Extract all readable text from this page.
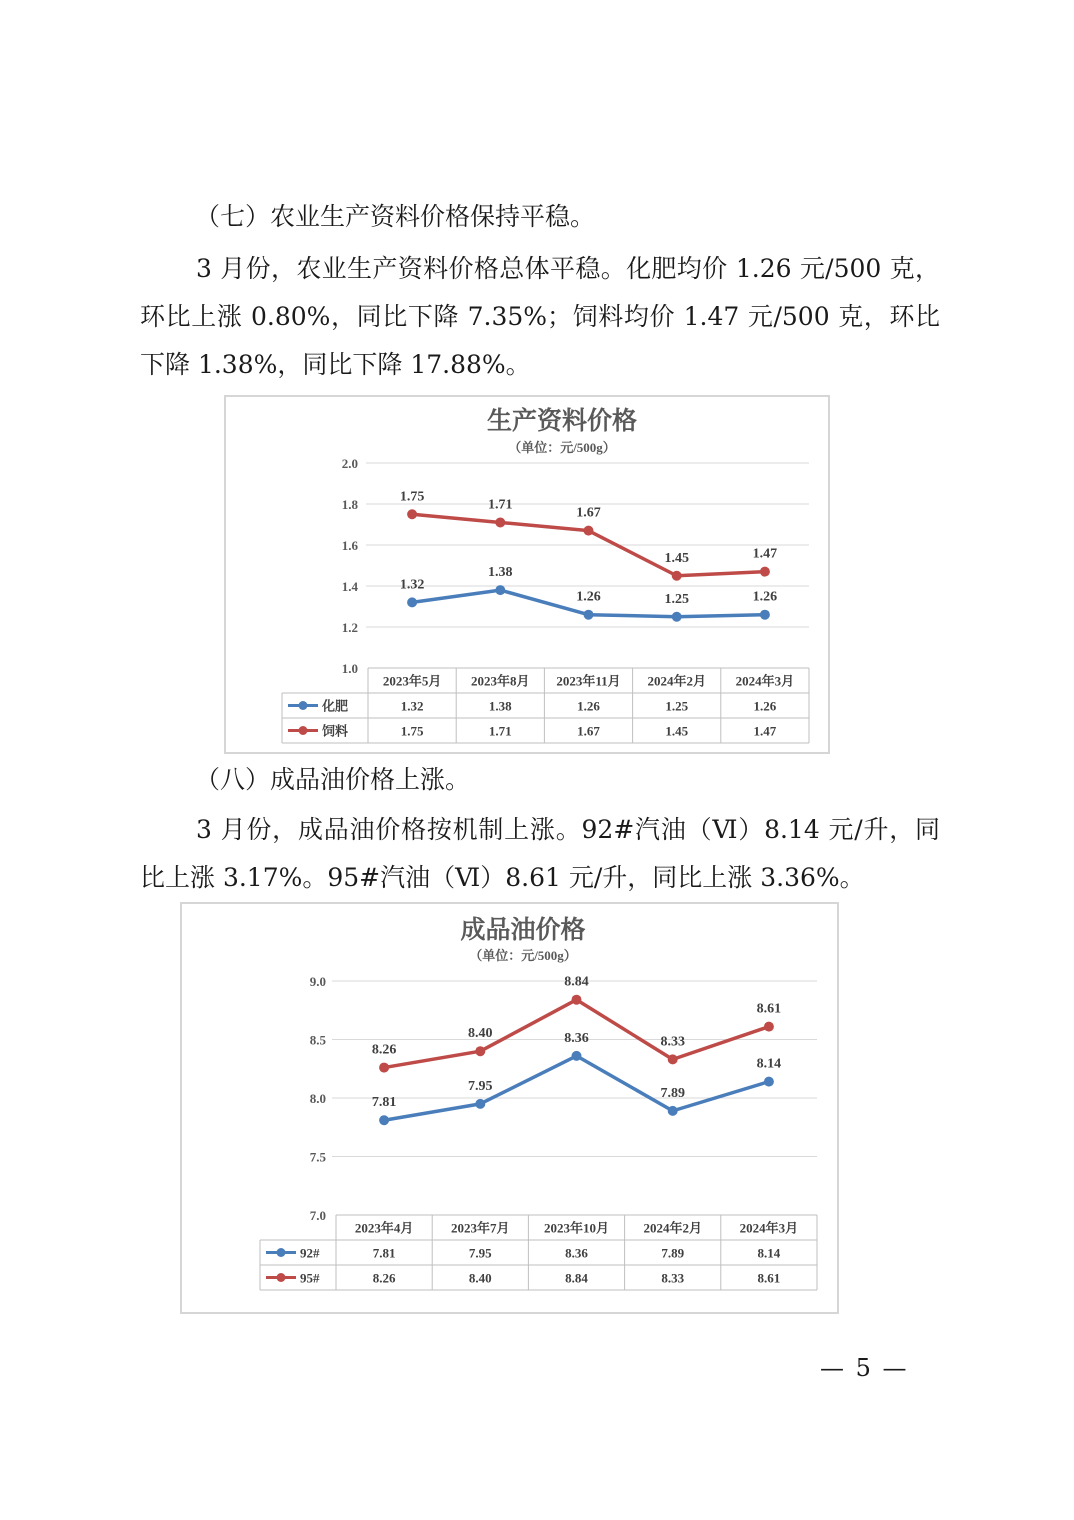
（七）农业生产资料价格保持平稳。

3 月份，农业生产资料价格总体平稳。化肥均价 1.26 元/500 克，环比上涨 0.80%，同比下降 7.35%；饲料均价 1.47 元/500 克，环比下降 1.38%，同比下降 17.88%。

生产资料价格
（单位：元/500g）
1.0
1.2
1.4
1.6
1.8
2.0
1.32
1.38
1.26	1.25	1.26
1.75
1.71
1.67
1.45	1.47
2023年5月 2023年8月 2023年11月 2024年2月 2024年3月
化肥	1.32	1.38	1.26	1.25	1.26
饲料	1.75	1.71	1.67	1.45	1.47

（八）成品油价格上涨。

3 月份，成品油价格按机制上涨。92#汽油（Ⅵ）8.14 元/升，同比上涨 3.17%。95#汽油（Ⅵ）8.61 元/升，同比上涨 3.36%。

成品油价格
（单位：元/500g）
7.0
7.5
8.0
8.5
9.0
7.81
7.95
8.36
7.89
8.14
8.26
8.40
8.84
8.33
8.61
2023年4月	2023年7月	2023年10月	2024年2月	2024年3月
92#	7.81	7.95	8.36	7.89	8.14
95#	8.26	8.40	8.84	8.33	8.61
— 5 —
